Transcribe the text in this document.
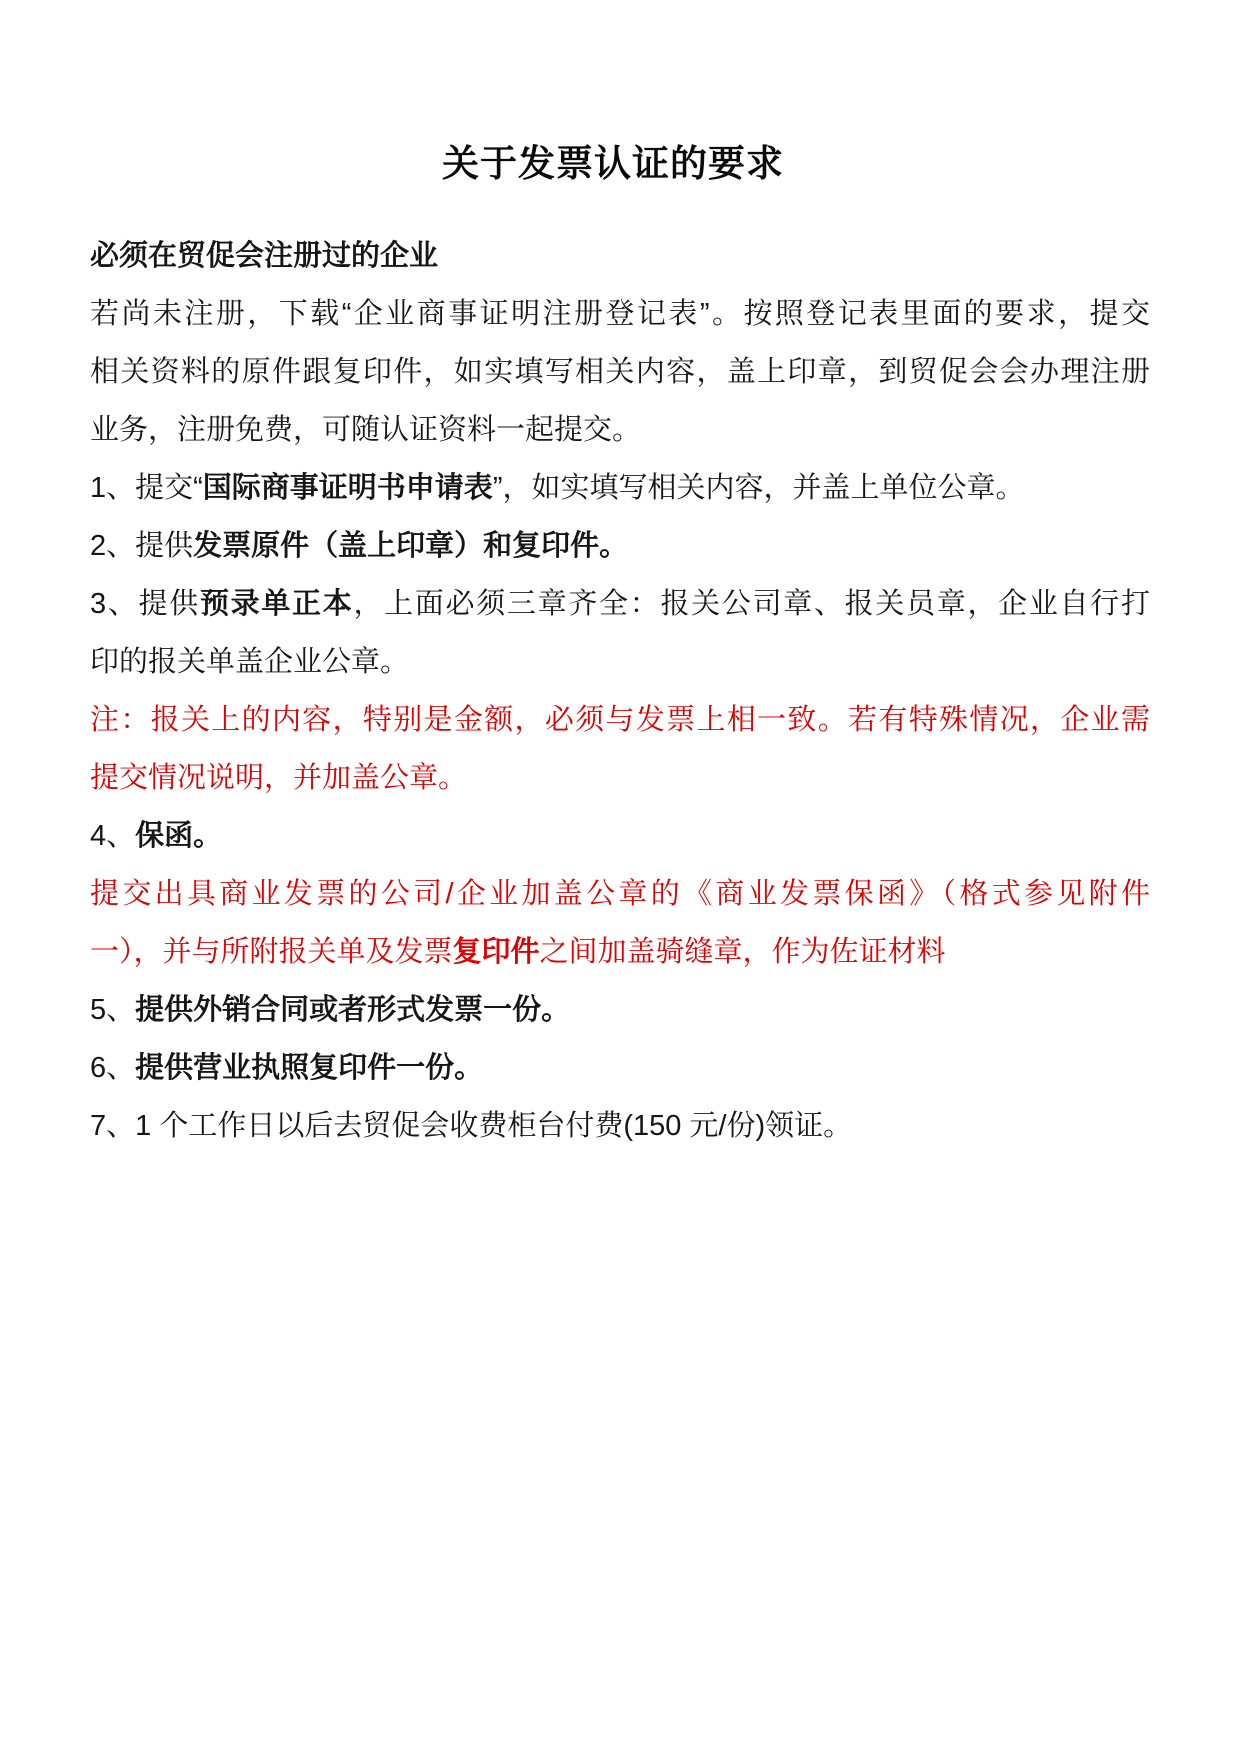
关于发票认证的要求
必须在贸促会注册过的企业
若尚未注册，下载“企业商事证明注册登记表”。按照登记表里面的要求，提交
相关资料的原件跟复印件，如实填写相关内容，盖上印章，到贸促会会办理注册
业务，注册免费，可随认证资料一起提交。
1、提交“国际商事证明书申请表”，如实填写相关内容，并盖上单位公章。
2、提供发票原件（盖上印章）和复印件。
3、提供预录单正本，上面必须三章齐全：报关公司章、报关员章，企业自行打
印的报关单盖企业公章。
注：报关上的内容，特别是金额，必须与发票上相一致。若有特殊情况，企业需
提交情况说明，并加盖公章。
4、保函。
提交出具商业发票的公司/企业加盖公章的《商业发票保函》（格式参见附件
一），并与所附报关单及发票复印件之间加盖骑缝章，作为佐证材料
5、提供外销合同或者形式发票一份。
6、提供营业执照复印件一份。
7、1 个工作日以后去贸促会收费柜台付费(150 元/份)领证。
